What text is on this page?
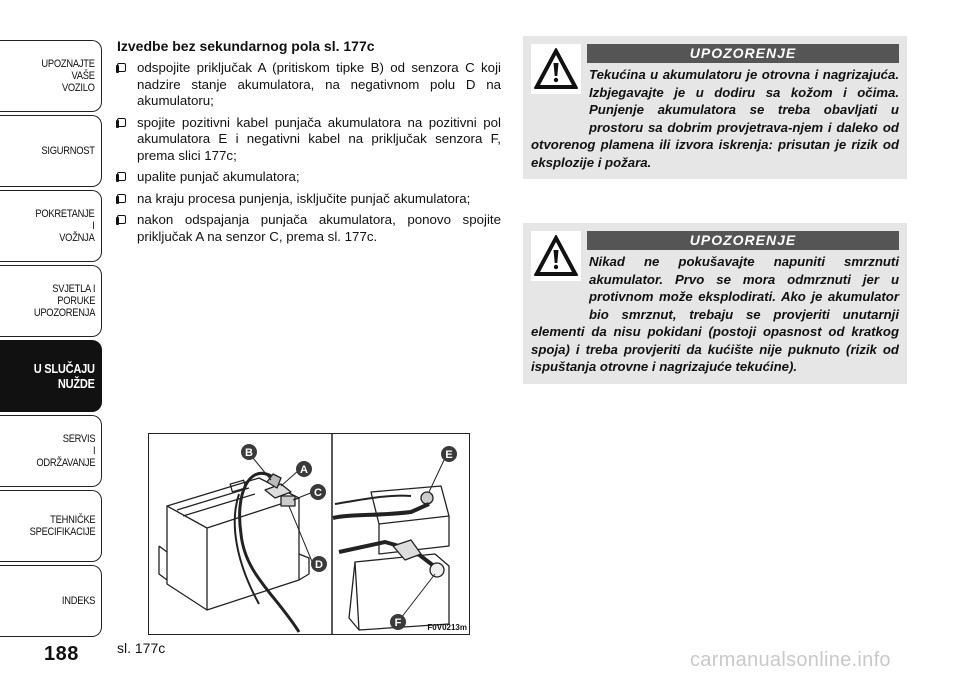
UPOZNAJTE
VAŠE
VOZILO
SIGURNOST
POKRETANJE
I
VOŽNJA
SVJETLA I
PORUKE
UPOZORENJA
U SLUČAJU
NUŽDE
SERVIS
I
ODRŽAVANJE
TEHNIČKE
SPECIFIKACIJE
INDEKS
188
Izvedbe bez sekundarnog pola sl. 177c
odspojite priključak A (pritiskom tipke B) od senzora C koji nadzire stanje akumulatora, na negativnom polu D na akumulatoru;
spojite pozitivni kabel punjača akumulatora na pozitivni pol akumulatora E i negativni kabel na priključak senzora F, prema slici 177c;
upalite punjač akumulatora;
na kraju procesa punjenja, isključite punjač akumulatora;
nakon odspajanja punjača akumulatora, ponovo spojite priključak A na senzor C, prema sl. 177c.
UPOZORENJE

Tekućina u akumulatoru je otrovna i nagrizajuća. Izbjegavajte je u dodiru sa kožom i očima. Punjenje akumulatora se treba obavljati u prostoru sa dobrim provjetrava-njem i daleko od otvorenog plamena ili izvora iskrenja: prisutan je rizik od eksplozije i požara.

UPOZORENJE

Nikad ne pokušavajte napuniti smrznuti akumulator. Prvo se mora odmrznuti jer u protivnom može eksplodirati. Ako je akumulator bio smrznut, trebaju se provjeriti unutarnji elementi da nisu pokidani (postoji opasnost od kratkog spoja) i treba provjeriti da kućište nije puknuto (rizik od ispuštanja otrovne i nagrizajuće tekućine).

B
A
C
D
E
F	F0V0213m
sl. 177c
carmanualsonline.info
